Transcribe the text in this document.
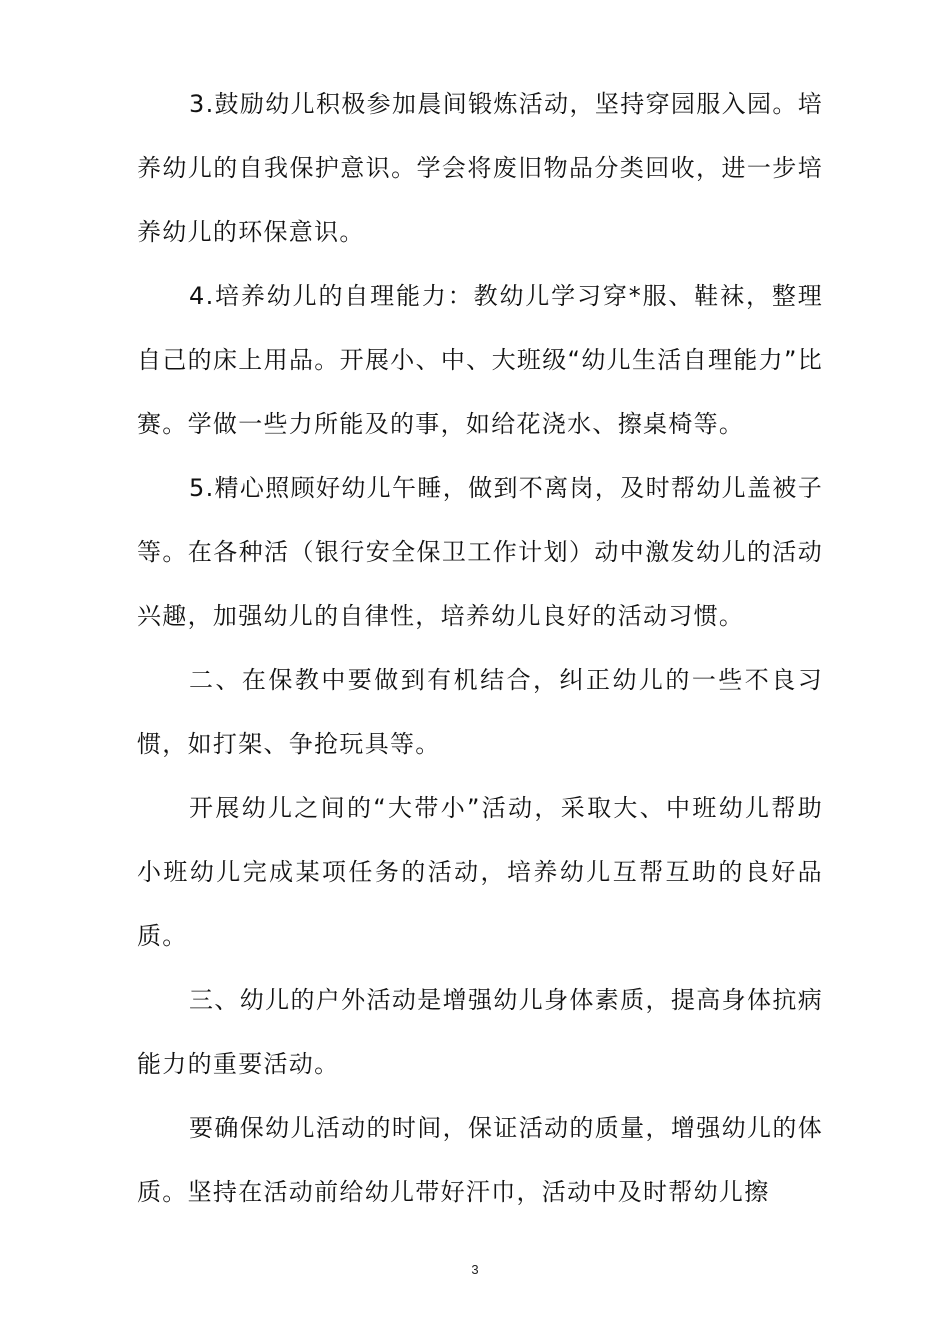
3.鼓励幼儿积极参加晨间锻炼活动，坚持穿园服入园。培养幼儿的自我保护意识。学会将废旧物品分类回收，进一步培养幼儿的环保意识。

4.培养幼儿的自理能力：教幼儿学习穿*服、鞋袜，整理自己的床上用品。开展小、中、大班级“幼儿生活自理能力”比赛。学做一些力所能及的事，如给花浇水、擦桌椅等。

5.精心照顾好幼儿午睡，做到不离岗，及时帮幼儿盖被子等。在各种活（银行安全保卫工作计划）动中激发幼儿的活动兴趣，加强幼儿的自律性，培养幼儿良好的活动习惯。

二、在保教中要做到有机结合，纠正幼儿的一些不良习惯，如打架、争抢玩具等。

开展幼儿之间的“大带小”活动，采取大、中班幼儿帮助小班幼儿完成某项任务的活动，培养幼儿互帮互助的良好品质。

三、幼儿的户外活动是增强幼儿身体素质，提高身体抗病能力的重要活动。

要确保幼儿活动的时间，保证活动的质量，增强幼儿的体质。坚持在活动前给幼儿带好汗巾，活动中及时帮幼儿擦

3
